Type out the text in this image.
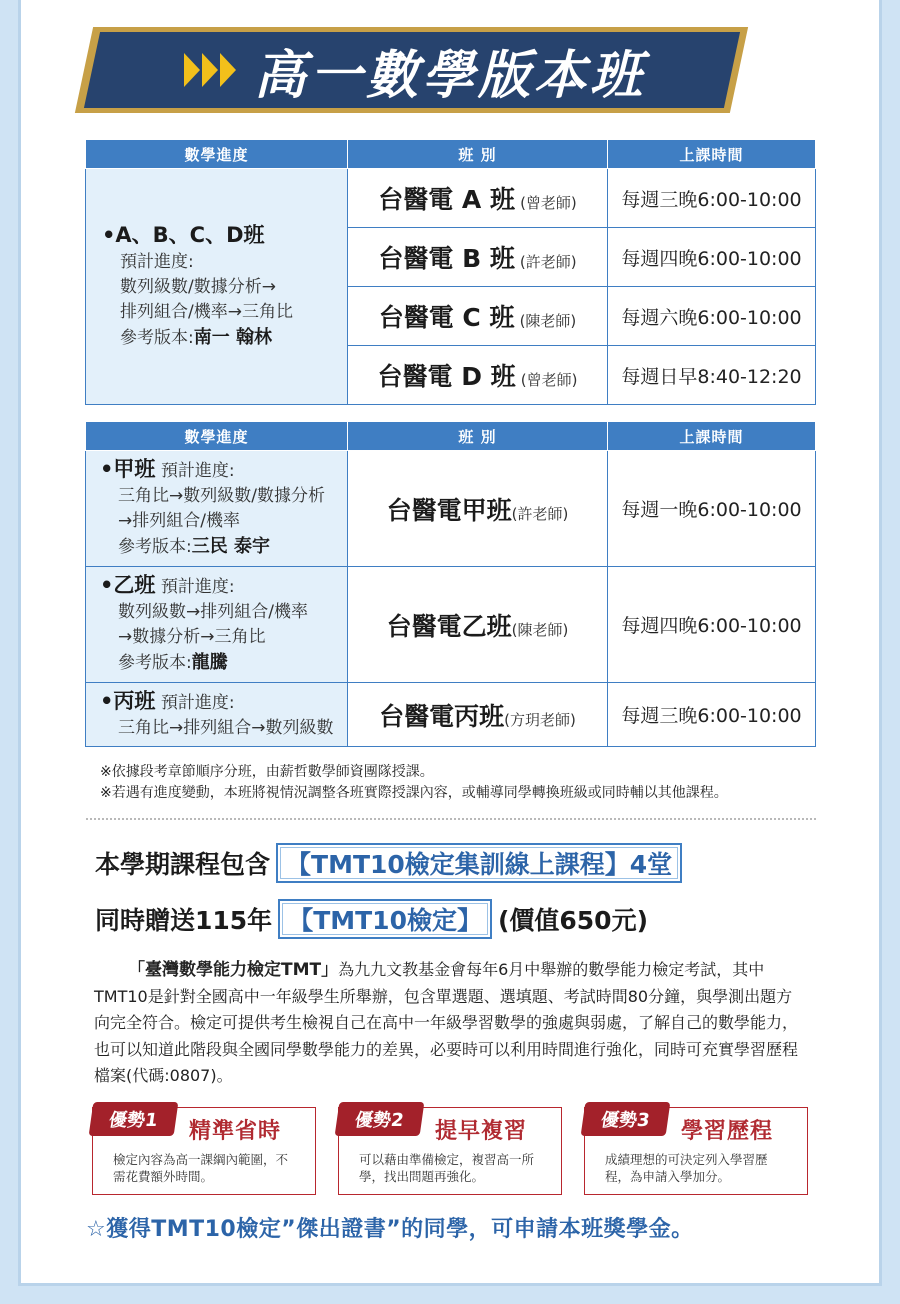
高一數學版本班
數學進度	班 別	上課時間
•A、B、C、D班
預計進度:
數列級數/數據分析→
排列組合/機率→三角比
參考版本:南一 翰林	台醫電 A 班 (曾老師)	每週三晚6:00-10:00
	台醫電 B 班 (許老師)	每週四晚6:00-10:00
	台醫電 C 班 (陳老師)	每週六晚6:00-10:00
	台醫電 D 班 (曾老師)	每週日早8:40-12:20
數學進度	班 別	上課時間
•甲班 預計進度:
三角比→數列級數/數據分析
→排列組合/機率
參考版本:三民 泰宇	台醫電甲班(許老師)	每週一晚6:00-10:00
•乙班 預計進度:
數列級數→排列組合/機率
→數據分析→三角比
參考版本:龍騰	台醫電乙班(陳老師)	每週四晚6:00-10:00
•丙班 預計進度:
三角比→排列組合→數列級數	台醫電丙班(方玥老師)	每週三晚6:00-10:00
※依據段考章節順序分班，由薪哲數學師資團隊授課。
※若遇有進度變動，本班將視情況調整各班實際授課內容，或輔導同學轉換班級或同時輔以其他課程。
本學期課程包含 【TMT10檢定集訓線上課程】4堂
同時贈送115年 【TMT10檢定】 (價值650元)
「臺灣數學能力檢定TMT」為九九文教基金會每年6月中舉辦的數學能力檢定考試，其中TMT10是針對全國高中一年級學生所舉辦，包含單選題、選填題、考試時間80分鐘，與學測出題方向完全符合。檢定可提供考生檢視自己在高中一年級學習數學的強處與弱處，了解自己的數學能力，也可以知道此階段與全國同學數學能力的差異，必要時可以利用時間進行強化，同時可充實學習歷程檔案(代碼:0807)。
優勢1	精準省時
檢定內容為高一課綱內範圍，不需花費額外時間。
優勢2	提早複習
可以藉由準備檢定，複習高一所學，找出問題再強化。
優勢3	學習歷程
成績理想的可決定列入學習歷程，為申請入學加分。
☆獲得TMT10檢定”傑出證書”的同學，可申請本班獎學金。
